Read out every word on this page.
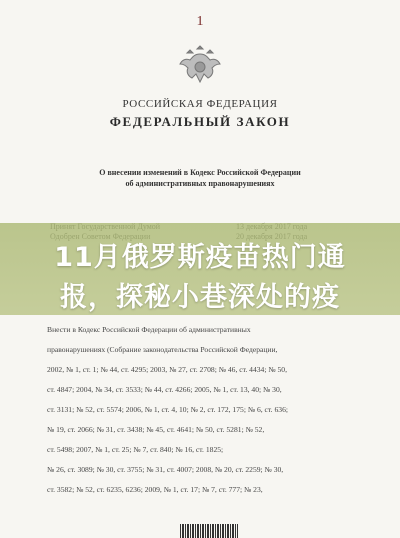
1
РОССИЙСКАЯ ФЕДЕРАЦИЯ
ФЕДЕРАЛЬНЫЙ ЗАКОН
О внесении изменений в Кодекс Российской Федерации
об административных правонарушениях
Внести в Кодекс Российской Федерации об административных
правонарушениях (Собрание законодательства Российской Федерации,
2002, № 1, ст. 1; № 44, ст. 4295; 2003, № 27, ст. 2708; № 46, ст. 4434; № 50,
ст. 4847; 2004, № 34, ст. 3533; № 44, ст. 4266; 2005, № 1, ст. 13, 40; № 30,
ст. 3131; № 52, ст. 5574; 2006, № 1, ст. 4, 10; № 2, ст. 172, 175; № 6, ст. 636;
№ 19, ст. 2066; № 31, ст. 3438; № 45, ст. 4641; № 50, ст. 5281; № 52,
ст. 5498; 2007, № 1, ст. 25; № 7, ст. 840; № 16, ст. 1825;
№ 26, ст. 3089; № 30, ст. 3755; № 31, ст. 4007; 2008, № 20, ст. 2259; № 30,
ст. 3582; № 52, ст. 6235, 6236; 2009, № 1, ст. 17; № 7, ст. 777; № 23,
11月俄罗斯疫苗热门通
报，探秘小巷深处的疫
